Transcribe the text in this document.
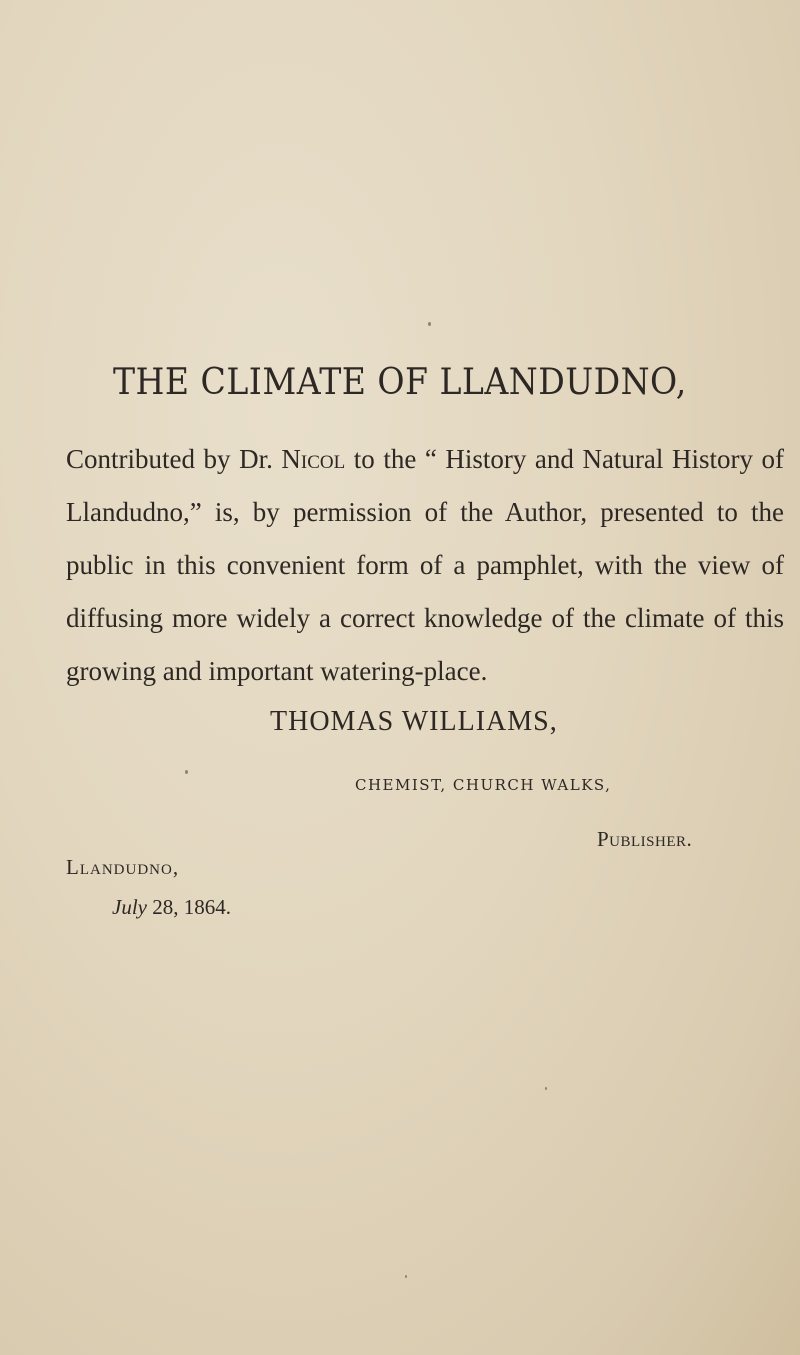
THE CLIMATE OF LLANDUDNO,

Contributed by Dr. Nicol to the “ History and Natural History of Llandudno,” is, by permission of the Author, presented to the public in this convenient form of a pamphlet, with the view of diffusing more widely a correct knowledge of the climate of this growing and important watering-place.

THOMAS WILLIAMS,
CHEMIST, CHURCH WALKS,
Publisher.
Llandudno,
July 28, 1864.
